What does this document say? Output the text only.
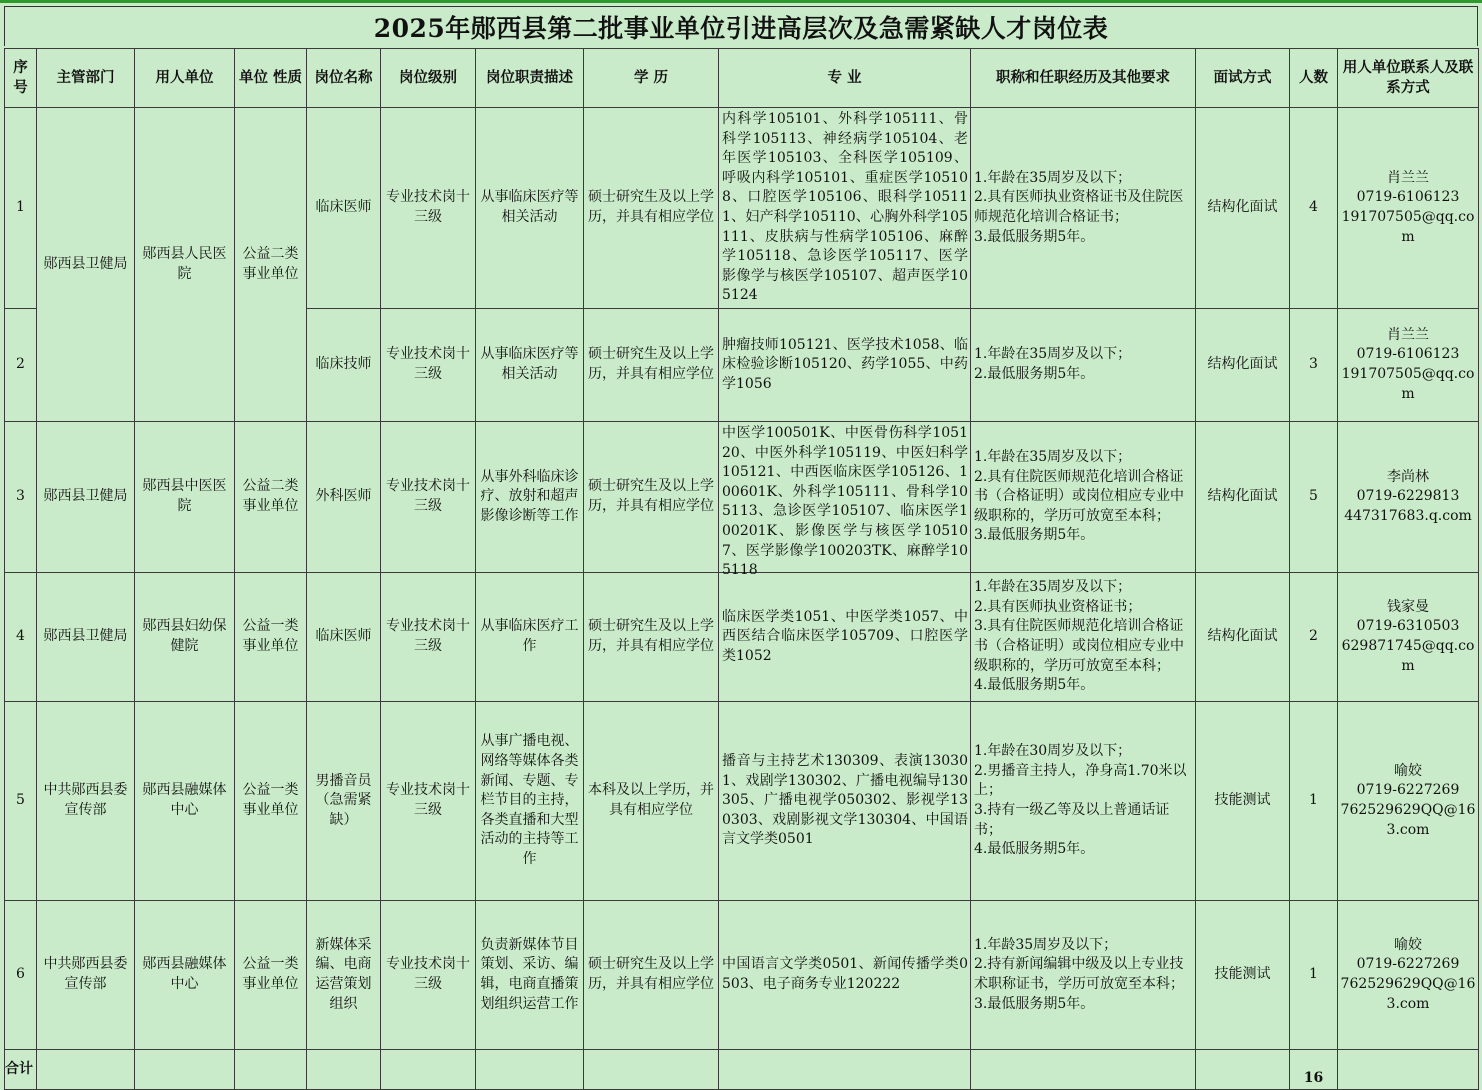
2025年郧西县第二批事业单位引进高层次及急需紧缺人才岗位表
序号	主管部门	用人单位	单位 性质	岗位名称	岗位级别	岗位职责描述	学 历	专 业	职称和任职经历及其他要求	面试方式	人数	用人单位联系人及联系方式
1	郧西县卫健局	郧西县人民医院	公益二类事业单位	临床医师	专业技术岗十三级	从事临床医疗等相关活动	硕士研究生及以上学历，并具有相应学位	内科学105101、外科学105111、骨科学105113、神经病学105104、老年医学105103、全科医学105109、呼吸内科学105101、重症医学105108、口腔医学105106、眼科学105111、妇产科学105110、心胸外科学105111、皮肤病与性病学105106、麻醉学105118、急诊医学105117、医学影像学与核医学105107、超声医学105124	1.年龄在35周岁及以下；
2.具有医师执业资格证书及住院医师规范化培训合格证书；
3.最低服务期5年。	结构化面试	4	肖兰兰
0719-6106123
191707505@qq.com

2				临床技师	专业技术岗十三级	从事临床医疗等相关活动	硕士研究生及以上学历，并具有相应学位	肿瘤技师105121、医学技术1058、临床检验诊断105120、药学1055、中药学1056	1.年龄在35周岁及以下；
2.最低服务期5年。	结构化面试	3	肖兰兰
0719-6106123
191707505@qq.com

3	郧西县卫健局	郧西县中医医院	公益二类事业单位	外科医师	专业技术岗十三级	从事外科临床诊疗、放射和超声影像诊断等工作	硕士研究生及以上学历，并具有相应学位	中医学100501K、中医骨伤科学105120、中医外科学105119、中医妇科学105121、中西医临床医学105126、100601K、外科学105111、骨科学105113、急诊医学105107、临床医学100201K、影像医学与核医学105107、医学影像学100203TK、麻醉学105118	1.年龄在35周岁及以下；
2.具有住院医师规范化培训合格证书（合格证明）或岗位相应专业中级职称的，学历可放宽至本科；
3.最低服务期5年。	结构化面试	5	李尚林
0719-6229813
447317683.q.com

4	郧西县卫健局	郧西县妇幼保健院	公益一类事业单位	临床医师	专业技术岗十三级	从事临床医疗工作	硕士研究生及以上学历，并具有相应学位	临床医学类1051、中医学类1057、中西医结合临床医学105709、口腔医学类1052	1.年龄在35周岁及以下；
2.具有医师执业资格证书；
3.具有住院医师规范化培训合格证书（合格证明）或岗位相应专业中级职称的，学历可放宽至本科；
4.最低服务期5年。	结构化面试	2	钱家曼
0719-6310503
629871745@qq.com

5	中共郧西县委宣传部	郧西县融媒体中心	公益一类事业单位	男播音员（急需紧缺）	专业技术岗十三级	从事广播电视、网络等媒体各类新闻、专题、专栏节目的主持，各类直播和大型活动的主持等工作	本科及以上学历，并具有相应学位	播音与主持艺术130309、表演130301、戏剧学130302、广播电视编导130305、广播电视学050302、影视学130303、戏剧影视文学130304、中国语言文学类0501	1.年龄在30周岁及以下；
2.男播音主持人，净身高1.70米以上；
3.持有一级乙等及以上普通话证书；
4.最低服务期5年。	技能测试	1	喻姣
0719-6227269
762529629QQ@163.com

6	中共郧西县委宣传部	郧西县融媒体中心	公益一类事业单位	新媒体采编、电商运营策划组织	专业技术岗十三级	负责新媒体节目策划、采访、编辑，电商直播策划组织运营工作	硕士研究生及以上学历，并具有相应学位	中国语言文学类0501、新闻传播学类0503、电子商务专业120222	1.年龄35周岁及以下；
2.持有新闻编辑中级及以上专业技术职称证书，学历可放宽至本科；
3.最低服务期5年。	技能测试	1	喻姣
0719-6227269
762529629QQ@163.com

合计											16	
